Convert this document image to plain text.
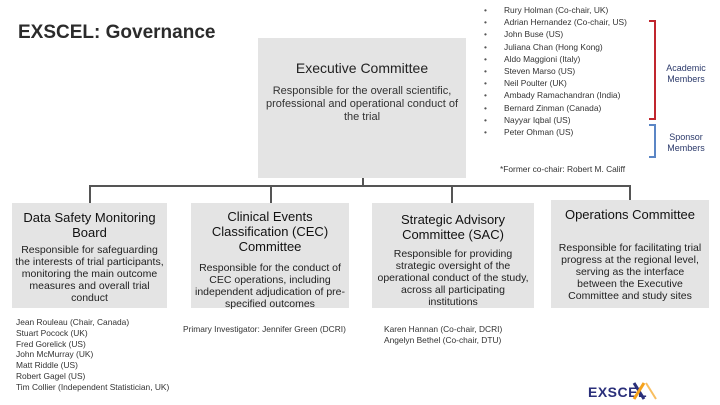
EXSCEL: Governance
Executive Committee
Responsible for the overall scientific, professional and operational conduct of the trial
• Rury Holman (Co-chair, UK)
• Adrian Hernandez (Co-chair, US)
• John Buse (US)
• Juliana Chan (Hong Kong)
• Aldo Maggioni (Italy)
• Steven Marso (US)
• Neil Poulter (UK)
• Ambady Ramachandran (India)
• Bernard Zinman (Canada)
• Nayyar Iqbal (US)
• Peter Ohman (US)
Academic Members
Sponsor Members
*Former co-chair: Robert M. Califf
Data Safety Monitoring Board
Responsible for safeguarding the interests of trial participants, monitoring the main outcome measures and overall trial conduct
Jean Rouleau (Chair, Canada)
Stuart Pocock (UK)
Fred Gorelick (US)
John McMurray (UK)
Matt Riddle (US)
Robert Gagel (US)
Tim Collier (Independent Statistician, UK)
Clinical Events Classification (CEC) Committee
Responsible for the conduct of CEC operations, including independent adjudication of pre-specified outcomes
Primary Investigator: Jennifer Green (DCRI)
Strategic Advisory Committee (SAC)
Responsible for providing strategic oversight of the operational conduct of the study, across all participating institutions
Karen Hannan (Co-chair, DCRI)
Angelyn Bethel (Co-chair, DTU)
Operations Committee
Responsible for facilitating trial progress at the regional level, serving as the interface between the Executive Committee and study sites
EXSCEL
